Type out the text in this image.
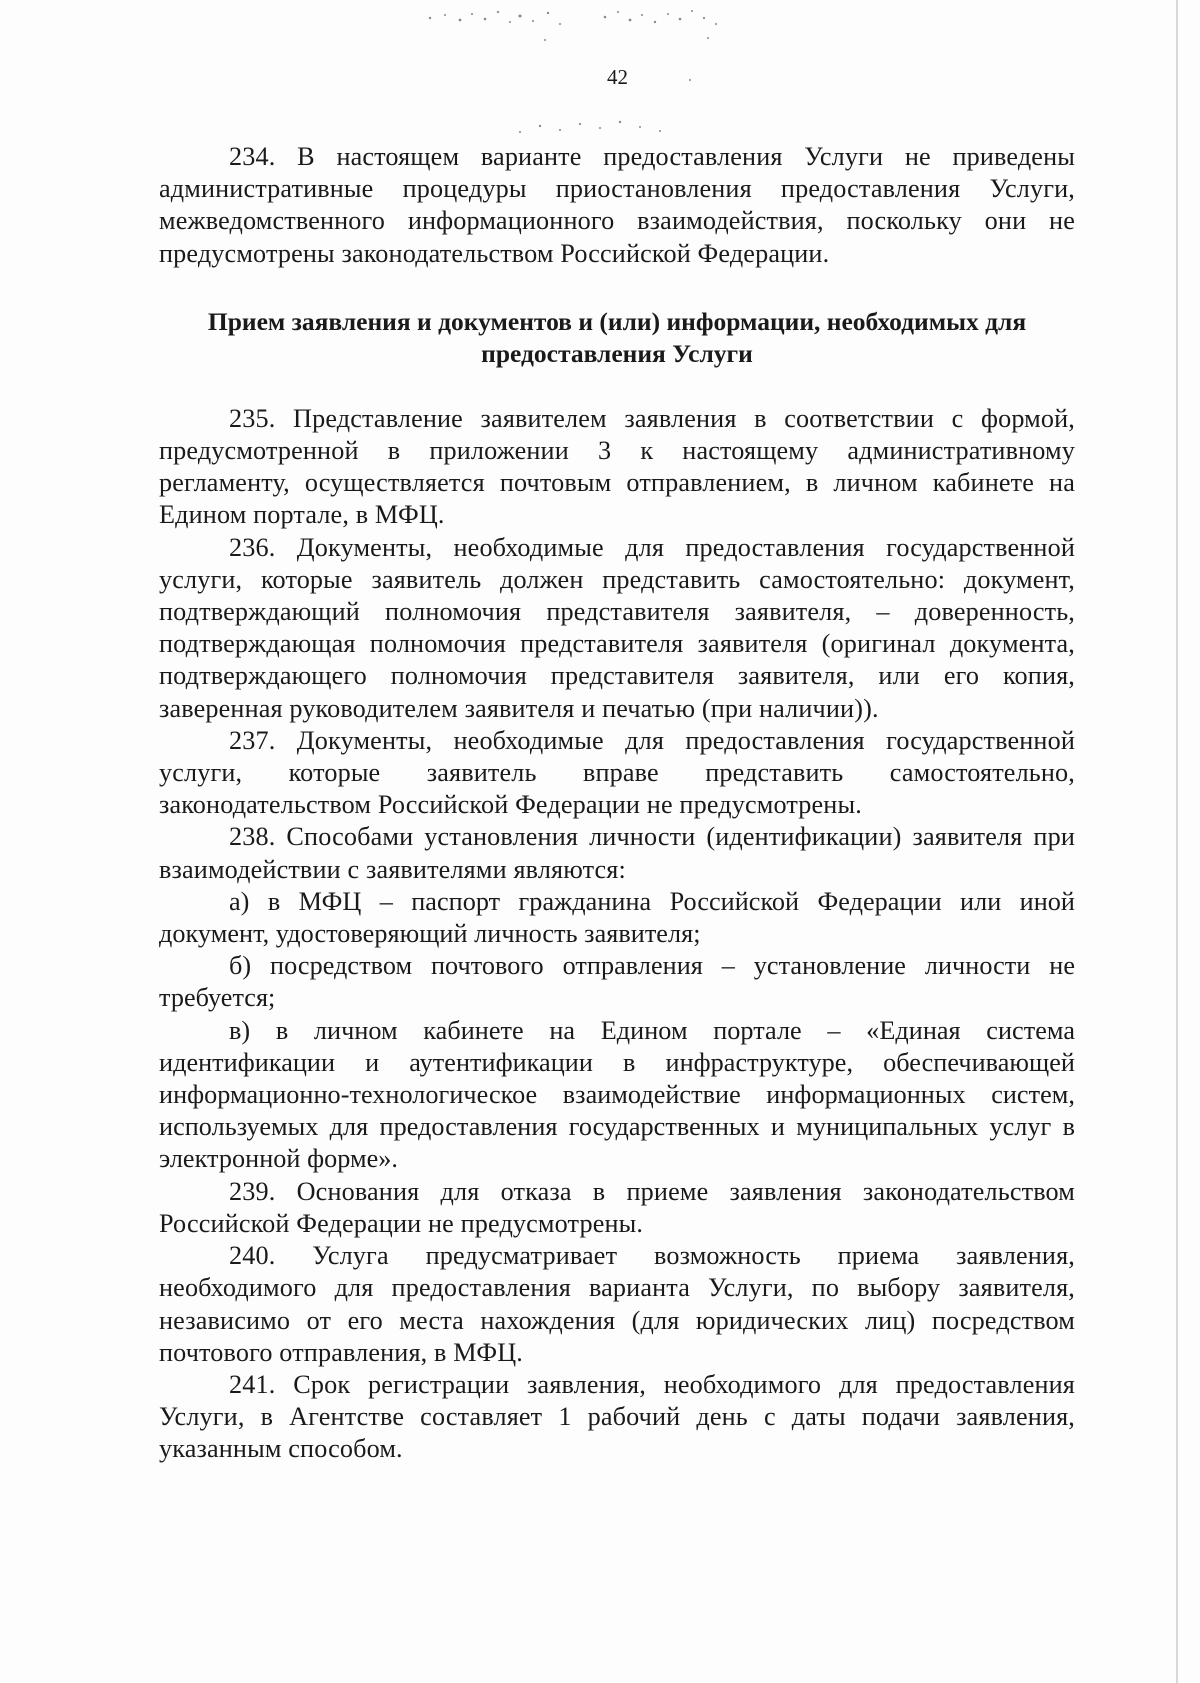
42

234. В настоящем варианте предоставления Услуги не приведены административные процедуры приостановления предоставления Услуги, межведомственного информационного взаимодействия, поскольку они не предусмотрены законодательством Российской Федерации.

Прием заявления и документов и (или) информации, необходимых для предоставления Услуги

235. Представление заявителем заявления в соответствии с формой, предусмотренной в приложении 3 к настоящему административному регламенту, осуществляется почтовым отправлением, в личном кабинете на Едином портале, в МФЦ.

236. Документы, необходимые для предоставления государственной услуги, которые заявитель должен представить самостоятельно: документ, подтверждающий полномочия представителя заявителя, – доверенность, подтверждающая полномочия представителя заявителя (оригинал документа, подтверждающего полномочия представителя заявителя, или его копия, заверенная руководителем заявителя и печатью (при наличии)).

237. Документы, необходимые для предоставления государственной услуги, которые заявитель вправе представить самостоятельно, законодательством Российской Федерации не предусмотрены.

238. Способами установления личности (идентификации) заявителя при взаимодействии с заявителями являются:

а) в МФЦ – паспорт гражданина Российской Федерации или иной документ, удостоверяющий личность заявителя;

б) посредством почтового отправления – установление личности не требуется;

в) в личном кабинете на Едином портале – «Единая система идентификации и аутентификации в инфраструктуре, обеспечивающей информационно-технологическое взаимодействие информационных систем, используемых для предоставления государственных и муниципальных услуг в электронной форме».

239. Основания для отказа в приеме заявления законодательством Российской Федерации не предусмотрены.

240. Услуга предусматривает возможность приема заявления, необходимого для предоставления варианта Услуги, по выбору заявителя, независимо от его места нахождения (для юридических лиц) посредством почтового отправления, в МФЦ.

241. Срок регистрации заявления, необходимого для предоставления Услуги, в Агентстве составляет 1 рабочий день с даты подачи заявления, указанным способом.
